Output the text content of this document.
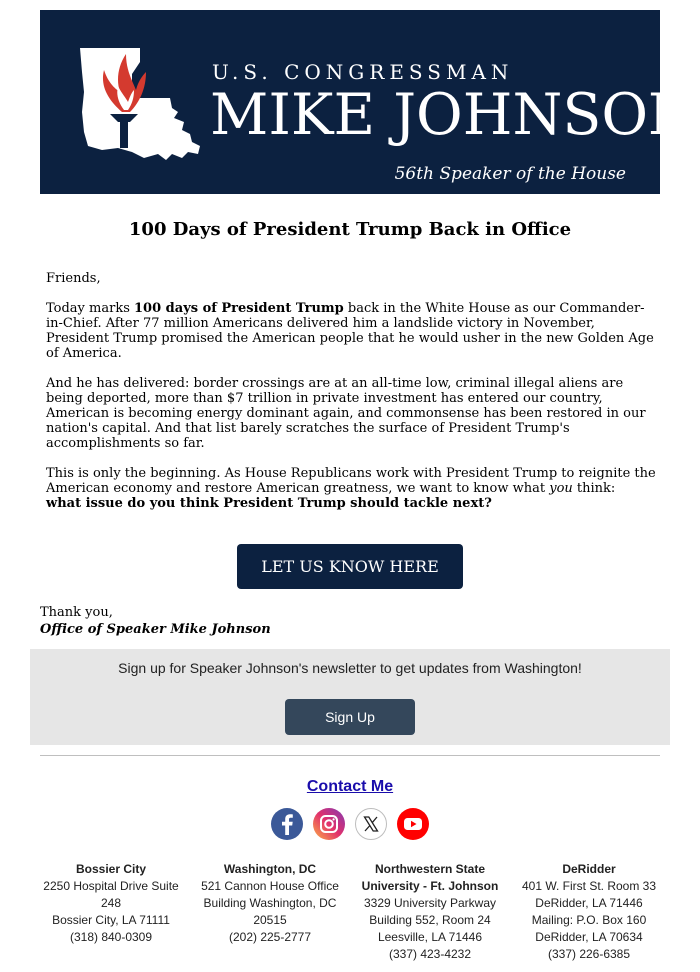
U.S. CONGRESSMAN
MIKE JOHNSON
56th Speaker of the House
100 Days of President Trump Back in Office

Friends,

Today marks 100 days of President Trump back in the White House as our Commander-in-Chief. After 77 million Americans delivered him a landslide victory in November, President Trump promised the American people that he would usher in the new Golden Age of America.

And he has delivered: border crossings are at an all-time low, criminal illegal aliens are being deported, more than $7 trillion in private investment has entered our country, American is becoming energy dominant again, and commonsense has been restored in our nation's capital. And that list barely scratches the surface of President Trump's accomplishments so far.

This is only the beginning. As House Republicans work with President Trump to reignite the American economy and restore American greatness, we want to know what you think:
what issue do you think President Trump should tackle next?

LET US KNOW HERE
Thank you,
Office of Speaker Mike Johnson
Sign up for Speaker Johnson's newsletter to get updates from Washington!
Sign Up
Contact Me
Bossier City
2250 Hospital Drive Suite
248
Bossier City, LA 71111
(318) 840-0309
Washington, DC
521 Cannon House Office
Building Washington, DC
20515
(202) 225-2777
Northwestern State
University - Ft. Johnson
3329 University Parkway
Building 552, Room 24
Leesville, LA 71446
(337) 423-4232
DeRidder
401 W. First St. Room 33
DeRidder, LA 71446
Mailing: P.O. Box 160
DeRidder, LA 70634
(337) 226-6385
